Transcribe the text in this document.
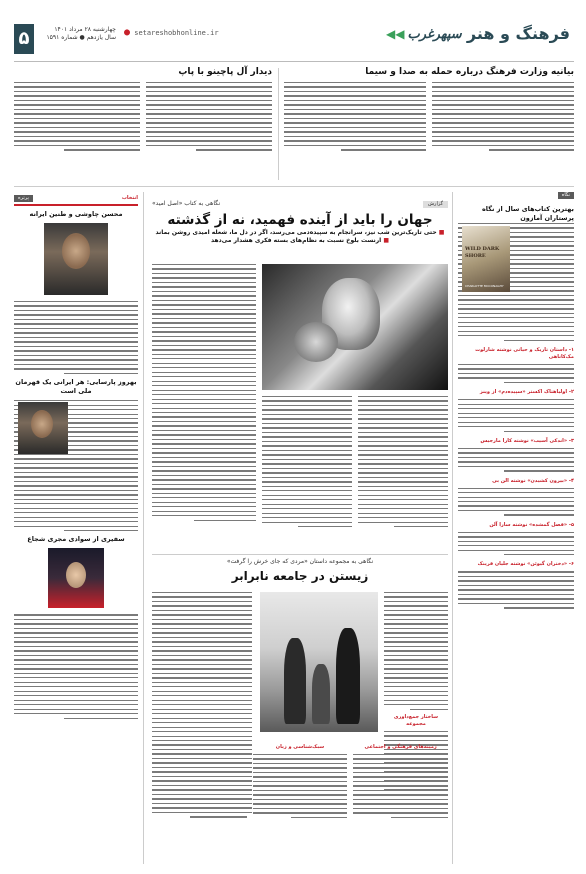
فرهنگ و هنر
سپهرغرب
◀◀
● setareshobhonline.ir
چهارشنبه ۲۸ مرداد ۱۴۰۱
سال یازدهم ● شماره ۱۵۹۱
۵
بیانیه وزارت فرهنگ درباره حمله به صدا و سیما
دیدار آل پاچینو با پاپ
نگاه
بهترین کتاب‌های سال از نگاه پرستاران آمازون
WILD DARK SHORE
CHARLOTTE MCCONAGHY
۱- داستان تاریک و حیاتی نوشته شارلوت مک‌کاناهی
۲- اولیاهتاک اکستر «سپیده‌دم» از وینز
۳- «اندکی آسیب» نوشته کارا مارجیس
۴- «بیرون کشیدن» نوشته الن بی
۵- «فصل گمشده» نوشته سارا آلن
۶- «دختران گیوئن» نوشته جلیان فرینک
گزارش
نگاهی به کتاب «اصل امید»
جهان را باید از آینده فهمید، نه از گذشته
■ حتی تاریک‌ترین شب نیز، سرانجام به سپیده‌دمی می‌رسد، اگر در دل ما، شعله امیدی روشن بماند
■ ارنست بلوخ نسبت به نظام‌های بسته فکری هشدار می‌دهد
انتخاب
پرتره
محسن چاوشی و طنین ایرانه
بهروز پارسایی: هر ایرانی یک قهرمان ملی است
سفیری از سوادی مجری شجاع
نگاهی به مجموعه داستان «مردی که جای خرش را گرفت»
زیستن در جامعه نابرابر
ساختار جمع‌داوری مجموعه
زمینه‌های فرهنگی و اجتماعی
سبک‌شناسی و زبان
